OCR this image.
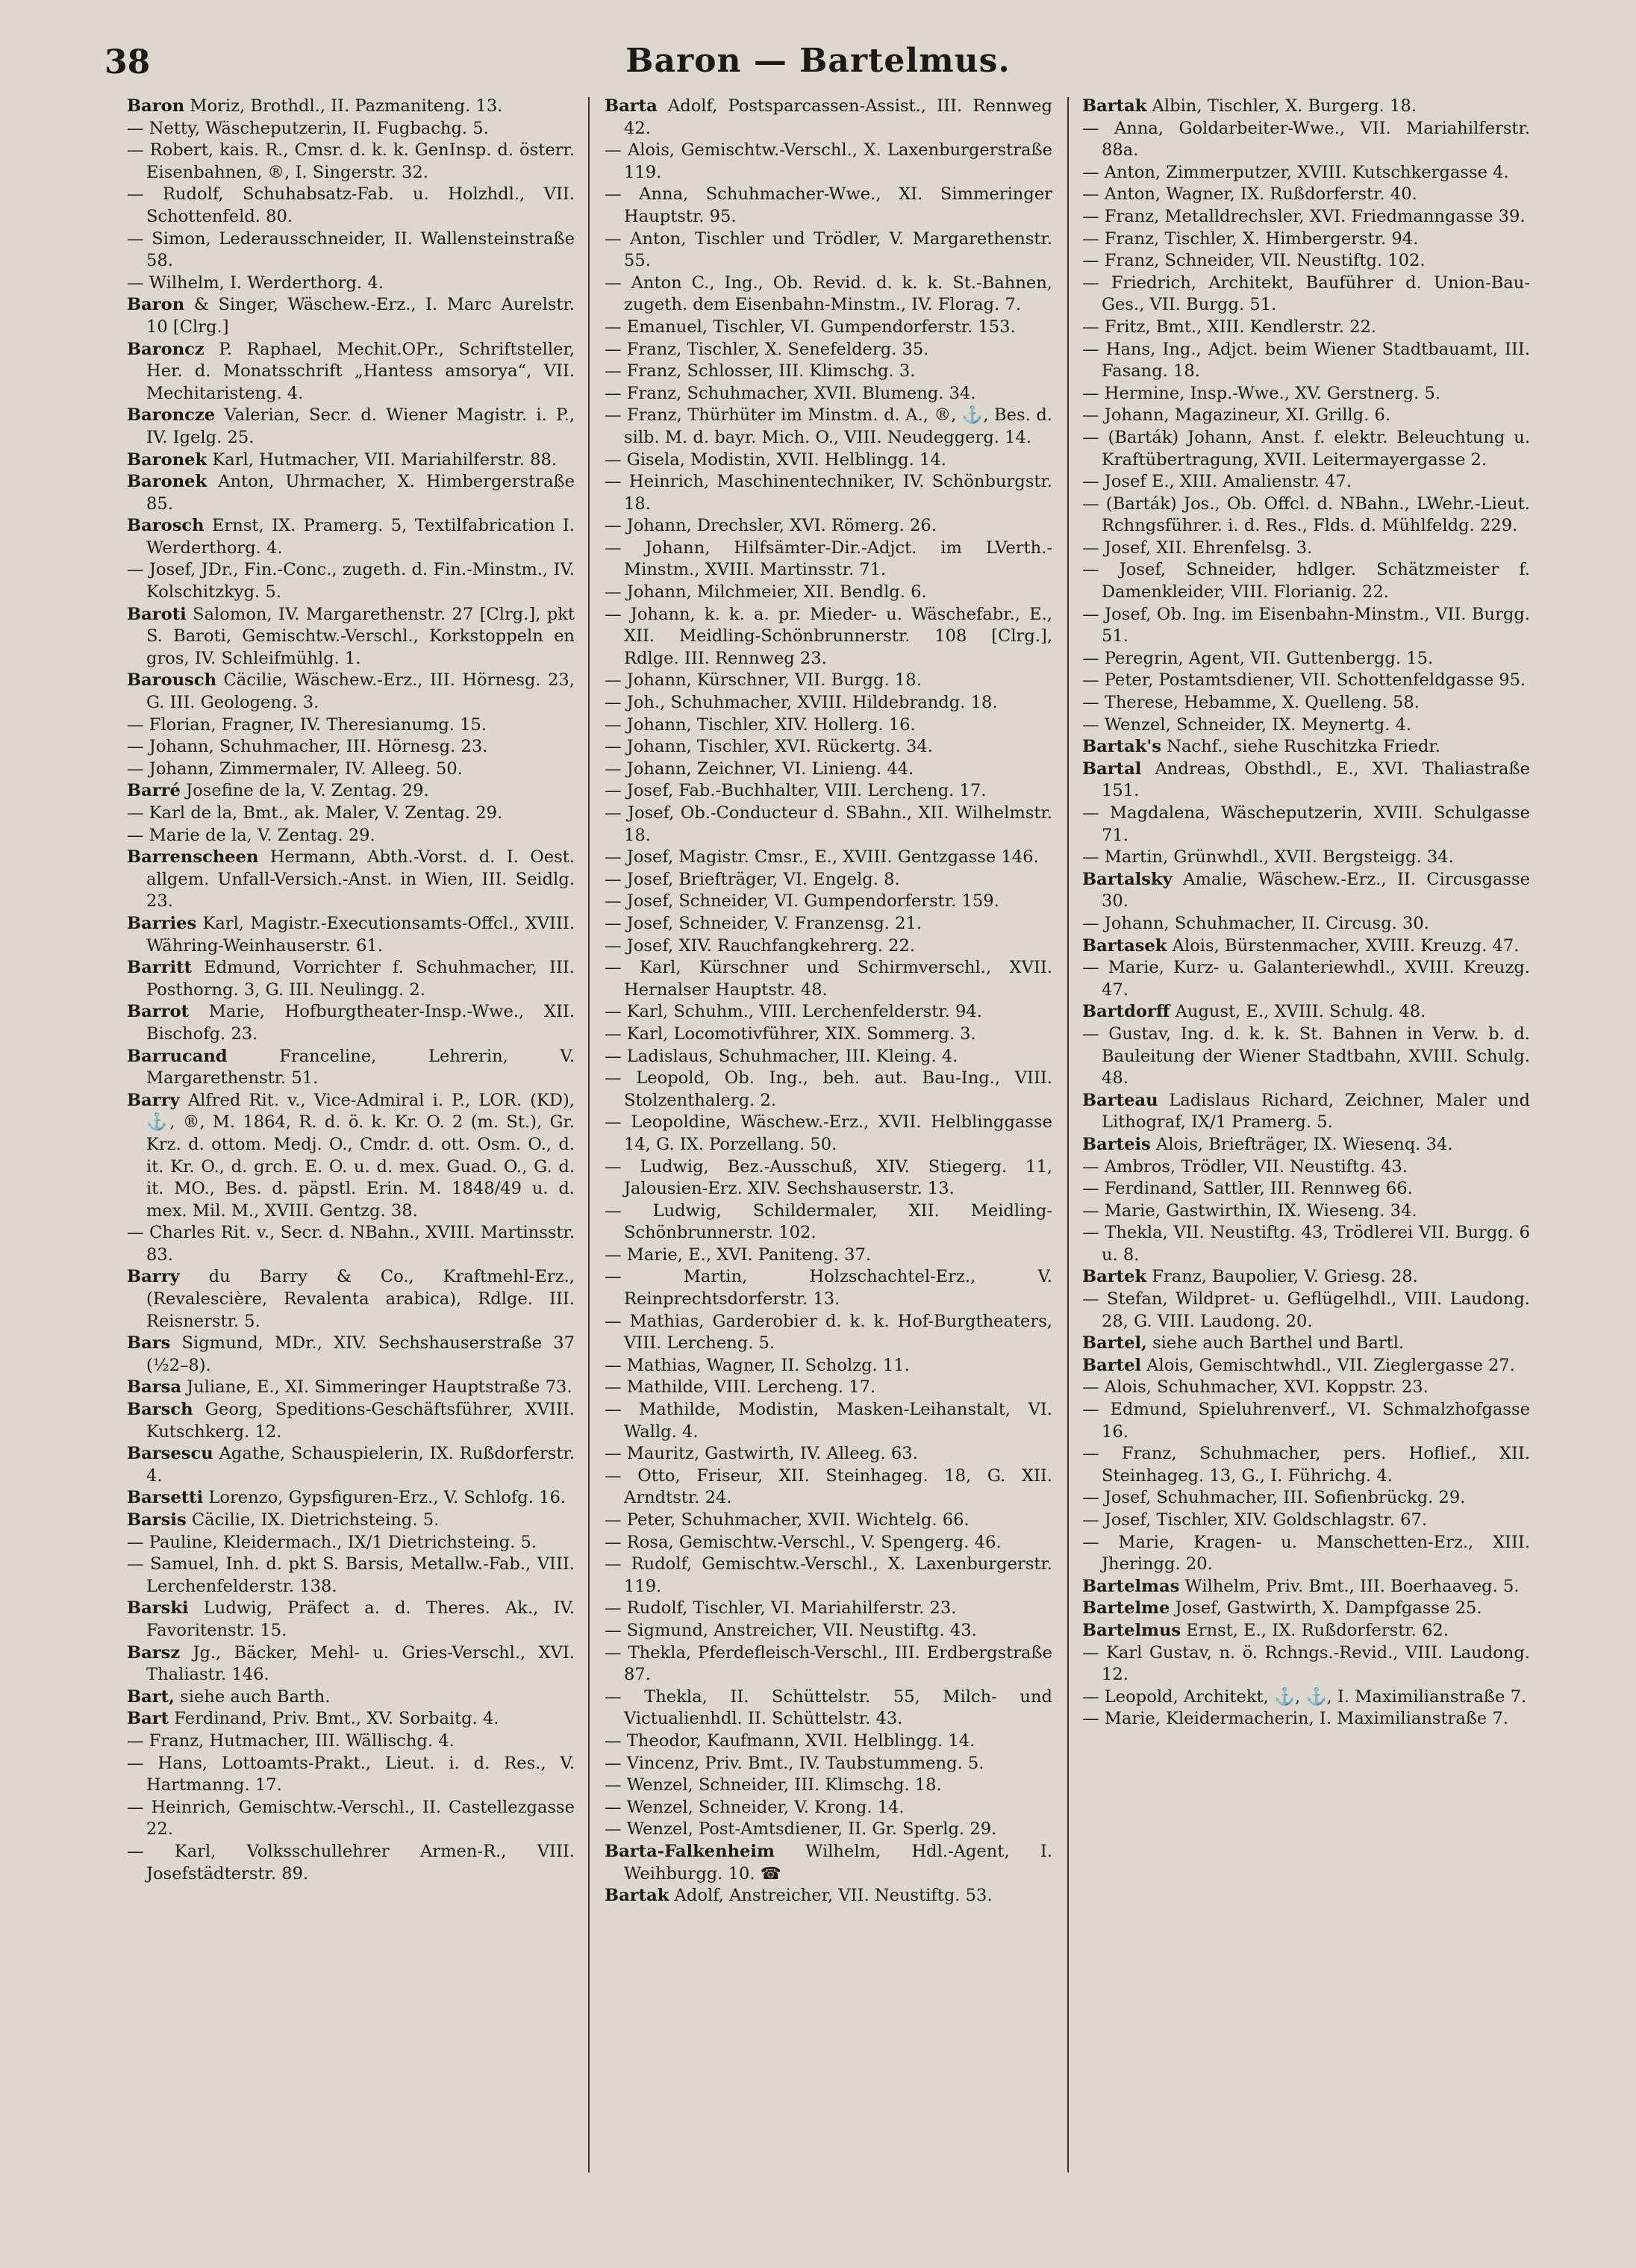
38	Baron — Bartelmus.

Baron Moriz, Brothdl., II. Pazmaniteng. 13.

— Netty, Wäscheputzerin, II. Fugbachg. 5.

— Robert, kais. R., Cmsr. d. k. k. GenInsp. d. österr. Eisenbahnen, ®, I. Singerstr. 32.

— Rudolf, Schuhabsatz-Fab. u. Holzhdl., VII. Schottenfeld. 80.

— Simon, Lederausschneider, II. Wallensteinstraße 58.

— Wilhelm, I. Werderthorg. 4.

Baron & Singer, Wäschew.-Erz., I. Marc Aurelstr. 10 [Clrg.]

Baroncz P. Raphael, Mechit.OPr., Schriftsteller, Her. d. Monatsschrift „Hantess amsorya“, VII. Mechitaristeng. 4.

Baroncze Valerian, Secr. d. Wiener Magistr. i. P., IV. Igelg. 25.

Baronek Karl, Hutmacher, VII. Mariahilferstr. 88.

Baronek Anton, Uhrmacher, X. Himbergerstraße 85.

Barosch Ernst, IX. Pramerg. 5, Textilfabrication I. Werderthorg. 4.

— Josef, JDr., Fin.-Conc., zugeth. d. Fin.-Minstm., IV. Kolschitzkyg. 5.

Baroti Salomon, IV. Margarethenstr. 27 [Clrg.], pkt S. Baroti, Gemischtw.-Verschl., Korkstoppeln en gros, IV. Schleifmühlg. 1.

Barousch Cäcilie, Wäschew.-Erz., III. Hörnesg. 23, G. III. Geologeng. 3.

— Florian, Fragner, IV. Theresianumg. 15.

— Johann, Schuhmacher, III. Hörnesg. 23.

— Johann, Zimmermaler, IV. Alleeg. 50.

Barré Josefine de la, V. Zentag. 29.

— Karl de la, Bmt., ak. Maler, V. Zentag. 29.

— Marie de la, V. Zentag. 29.

Barrenscheen Hermann, Abth.-Vorst. d. I. Oest. allgem. Unfall-Versich.-Anst. in Wien, III. Seidlg. 23.

Barries Karl, Magistr.-Executionsamts-Offcl., XVIII. Währing-Weinhauserstr. 61.

Barritt Edmund, Vorrichter f. Schuhmacher, III. Posthorng. 3, G. III. Neulingg. 2.

Barrot Marie, Hofburgtheater-Insp.-Wwe., XII. Bischofg. 23.

Barrucand Franceline, Lehrerin, V. Margarethenstr. 51.

Barry Alfred Rit. v., Vice-Admiral i. P., LOR. (KD), ⚓, ®, M. 1864, R. d. ö. k. Kr. O. 2 (m. St.), Gr. Krz. d. ottom. Medj. O., Cmdr. d. ott. Osm. O., d. it. Kr. O., d. grch. E. O. u. d. mex. Guad. O., G. d. it. MO., Bes. d. päpstl. Erin. M. 1848/49 u. d. mex. Mil. M., XVIII. Gentzg. 38.

— Charles Rit. v., Secr. d. NBahn., XVIII. Martinsstr. 83.

Barry du Barry & Co., Kraftmehl-Erz., (Revalescière, Revalenta arabica), Rdlge. III. Reisnerstr. 5.

Bars Sigmund, MDr., XIV. Sechshauserstraße 37 (½2–8).

Barsa Juliane, E., XI. Simmeringer Hauptstraße 73.

Barsch Georg, Speditions-Geschäftsführer, XVIII. Kutschkerg. 12.

Barsescu Agathe, Schauspielerin, IX. Rußdorferstr. 4.

Barsetti Lorenzo, Gypsfiguren-Erz., V. Schlofg. 16.

Barsis Cäcilie, IX. Dietrichsteing. 5.

— Pauline, Kleidermach., IX/1 Dietrichsteing. 5.

— Samuel, Inh. d. pkt S. Barsis, Metallw.-Fab., VIII. Lerchenfelderstr. 138.

Barski Ludwig, Präfect a. d. Theres. Ak., IV. Favoritenstr. 15.

Barsz Jg., Bäcker, Mehl- u. Gries-Verschl., XVI. Thaliastr. 146.

Bart, siehe auch Barth.

Bart Ferdinand, Priv. Bmt., XV. Sorbaitg. 4.

— Franz, Hutmacher, III. Wällischg. 4.

— Hans, Lottoamts-Prakt., Lieut. i. d. Res., V. Hartmanng. 17.

— Heinrich, Gemischtw.-Verschl., II. Castellezgasse 22.

— Karl, Volksschullehrer Armen-R., VIII. Josefstädterstr. 89.

Barta Adolf, Postsparcassen-Assist., III. Rennweg 42.

— Alois, Gemischtw.-Verschl., X. Laxenburgerstraße 119.

— Anna, Schuhmacher-Wwe., XI. Simmeringer Hauptstr. 95.

— Anton, Tischler und Trödler, V. Margarethenstr. 55.

— Anton C., Ing., Ob. Revid. d. k. k. St.-Bahnen, zugeth. dem Eisenbahn-Minstm., IV. Florag. 7.

— Emanuel, Tischler, VI. Gumpendorferstr. 153.

— Franz, Tischler, X. Senefelderg. 35.

— Franz, Schlosser, III. Klimschg. 3.

— Franz, Schuhmacher, XVII. Blumeng. 34.

— Franz, Thürhüter im Minstm. d. A., ®, ⚓, Bes. d. silb. M. d. bayr. Mich. O., VIII. Neudeggerg. 14.

— Gisela, Modistin, XVII. Helblingg. 14.

— Heinrich, Maschinentechniker, IV. Schönburgstr. 18.

— Johann, Drechsler, XVI. Römerg. 26.

— Johann, Hilfsämter-Dir.-Adjct. im LVerth.-Minstm., XVIII. Martinsstr. 71.

— Johann, Milchmeier, XII. Bendlg. 6.

— Johann, k. k. a. pr. Mieder- u. Wäschefabr., E., XII. Meidling-Schönbrunnerstr. 108 [Clrg.], Rdlge. III. Rennweg 23.

— Johann, Kürschner, VII. Burgg. 18.

— Joh., Schuhmacher, XVIII. Hildebrandg. 18.

— Johann, Tischler, XIV. Hollerg. 16.

— Johann, Tischler, XVI. Rückertg. 34.

— Johann, Zeichner, VI. Linieng. 44.

— Josef, Fab.-Buchhalter, VIII. Lercheng. 17.

— Josef, Ob.-Conducteur d. SBahn., XII. Wilhelmstr. 18.

— Josef, Magistr. Cmsr., E., XVIII. Gentzgasse 146.

— Josef, Briefträger, VI. Engelg. 8.

— Josef, Schneider, VI. Gumpendorferstr. 159.

— Josef, Schneider, V. Franzensg. 21.

— Josef, XIV. Rauchfangkehrerg. 22.

— Karl, Kürschner und Schirmverschl., XVII. Hernalser Hauptstr. 48.

— Karl, Schuhm., VIII. Lerchenfelderstr. 94.

— Karl, Locomotivführer, XIX. Sommerg. 3.

— Ladislaus, Schuhmacher, III. Kleing. 4.

— Leopold, Ob. Ing., beh. aut. Bau-Ing., VIII. Stolzenthalerg. 2.

— Leopoldine, Wäschew.-Erz., XVII. Helblinggasse 14, G. IX. Porzellang. 50.

— Ludwig, Bez.-Ausschuß, XIV. Stiegerg. 11, Jalousien-Erz. XIV. Sechshauserstr. 13.

— Ludwig, Schildermaler, XII. Meidling-Schönbrunnerstr. 102.

— Marie, E., XVI. Paniteng. 37.

— Martin, Holzschachtel-Erz., V. Reinprechtsdorferstr. 13.

— Mathias, Garderobier d. k. k. Hof-Burgtheaters, VIII. Lercheng. 5.

— Mathias, Wagner, II. Scholzg. 11.

— Mathilde, VIII. Lercheng. 17.

— Mathilde, Modistin, Masken-Leihanstalt, VI. Wallg. 4.

— Mauritz, Gastwirth, IV. Alleeg. 63.

— Otto, Friseur, XII. Steinhageg. 18, G. XII. Arndtstr. 24.

— Peter, Schuhmacher, XVII. Wichtelg. 66.

— Rosa, Gemischtw.-Verschl., V. Spengerg. 46.

— Rudolf, Gemischtw.-Verschl., X. Laxenburgerstr. 119.

— Rudolf, Tischler, VI. Mariahilferstr. 23.

— Sigmund, Anstreicher, VII. Neustiftg. 43.

— Thekla, Pferdefleisch-Verschl., III. Erdbergstraße 87.

— Thekla, II. Schüttelstr. 55, Milch- und Victualienhdl. II. Schüttelstr. 43.

— Theodor, Kaufmann, XVII. Helblingg. 14.

— Vincenz, Priv. Bmt., IV. Taubstummeng. 5.

— Wenzel, Schneider, III. Klimschg. 18.

— Wenzel, Schneider, V. Krong. 14.

— Wenzel, Post-Amtsdiener, II. Gr. Sperlg. 29.

Barta-Falkenheim Wilhelm, Hdl.-Agent, I. Weihburgg. 10. ☎

Bartak Adolf, Anstreicher, VII. Neustiftg. 53.

Bartak Albin, Tischler, X. Burgerg. 18.

— Anna, Goldarbeiter-Wwe., VII. Mariahilferstr. 88a.

— Anton, Zimmerputzer, XVIII. Kutschkergasse 4.

— Anton, Wagner, IX. Rußdorferstr. 40.

— Franz, Metalldrechsler, XVI. Friedmanngasse 39.

— Franz, Tischler, X. Himbergerstr. 94.

— Franz, Schneider, VII. Neustiftg. 102.

— Friedrich, Architekt, Bauführer d. Union-Bau-Ges., VII. Burgg. 51.

— Fritz, Bmt., XIII. Kendlerstr. 22.

— Hans, Ing., Adjct. beim Wiener Stadtbauamt, III. Fasang. 18.

— Hermine, Insp.-Wwe., XV. Gerstnerg. 5.

— Johann, Magazineur, XI. Grillg. 6.

— (Barták) Johann, Anst. f. elektr. Beleuchtung u. Kraftübertragung, XVII. Leitermayergasse 2.

— Josef E., XIII. Amalienstr. 47.

— (Barták) Jos., Ob. Offcl. d. NBahn., LWehr.-Lieut. Rchngsführer. i. d. Res., Flds. d. Mühlfeldg. 229.

— Josef, XII. Ehrenfelsg. 3.

— Josef, Schneider, hdlger. Schätzmeister f. Damenkleider, VIII. Florianig. 22.

— Josef, Ob. Ing. im Eisenbahn-Minstm., VII. Burgg. 51.

— Peregrin, Agent, VII. Guttenbergg. 15.

— Peter, Postamtsdiener, VII. Schottenfeldgasse 95.

— Therese, Hebamme, X. Quelleng. 58.

— Wenzel, Schneider, IX. Meynertg. 4.

Bartak's Nachf., siehe Ruschitzka Friedr.

Bartal Andreas, Obsthdl., E., XVI. Thaliastraße 151.

— Magdalena, Wäscheputzerin, XVIII. Schulgasse 71.

— Martin, Grünwhdl., XVII. Bergsteigg. 34.

Bartalsky Amalie, Wäschew.-Erz., II. Circusgasse 30.

— Johann, Schuhmacher, II. Circusg. 30.

Bartasek Alois, Bürstenmacher, XVIII. Kreuzg. 47.

— Marie, Kurz- u. Galanteriewhdl., XVIII. Kreuzg. 47.

Bartdorff August, E., XVIII. Schulg. 48.

— Gustav, Ing. d. k. k. St. Bahnen in Verw. b. d. Bauleitung der Wiener Stadtbahn, XVIII. Schulg. 48.

Barteau Ladislaus Richard, Zeichner, Maler und Lithograf, IX/1 Pramerg. 5.

Barteis Alois, Briefträger, IX. Wiesenq. 34.

— Ambros, Trödler, VII. Neustiftg. 43.

— Ferdinand, Sattler, III. Rennweg 66.

— Marie, Gastwirthin, IX. Wieseng. 34.

— Thekla, VII. Neustiftg. 43, Trödlerei VII. Burgg. 6 u. 8.

Bartek Franz, Baupolier, V. Griesg. 28.

— Stefan, Wildpret- u. Geflügelhdl., VIII. Laudong. 28, G. VIII. Laudong. 20.

Bartel, siehe auch Barthel und Bartl.

Bartel Alois, Gemischtwhdl., VII. Zieglergasse 27.

— Alois, Schuhmacher, XVI. Koppstr. 23.

— Edmund, Spieluhrenverf., VI. Schmalzhofgasse 16.

— Franz, Schuhmacher, pers. Hoflief., XII. Steinhageg. 13, G., I. Führichg. 4.

— Josef, Schuhmacher, III. Sofienbrückg. 29.

— Josef, Tischler, XIV. Goldschlagstr. 67.

— Marie, Kragen- u. Manschetten-Erz., XIII. Jheringg. 20.

Bartelmas Wilhelm, Priv. Bmt., III. Boerhaaveg. 5.

Bartelme Josef, Gastwirth, X. Dampfgasse 25.

Bartelmus Ernst, E., IX. Rußdorferstr. 62.

— Karl Gustav, n. ö. Rchngs.-Revid., VIII. Laudong. 12.

— Leopold, Architekt, ⚓, ⚓, I. Maximilianstraße 7.

— Marie, Kleidermacherin, I. Maximilianstraße 7.
